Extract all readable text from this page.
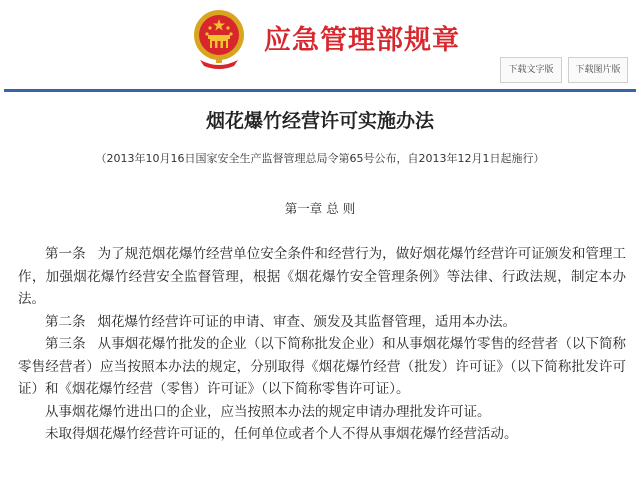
应急管理部规章
下载文字版	下载图片版
烟花爆竹经营许可实施办法
（2013年10月16日国家安全生产监督管理总局令第65号公布，自2013年12月1日起施行）
第一章 总 则

第一条 为了规范烟花爆竹经营单位安全条件和经营行为，做好烟花爆竹经营许可证颁发和管理工作，加强烟花爆竹经营安全监督管理，根据《烟花爆竹安全管理条例》等法律、行政法规，制定本办法。

第二条 烟花爆竹经营许可证的申请、审查、颁发及其监督管理，适用本办法。

第三条 从事烟花爆竹批发的企业（以下简称批发企业）和从事烟花爆竹零售的经营者（以下简称零售经营者）应当按照本办法的规定，分别取得《烟花爆竹经营（批发）许可证》（以下简称批发许可证）和《烟花爆竹经营（零售）许可证》（以下简称零售许可证）。

从事烟花爆竹进出口的企业，应当按照本办法的规定申请办理批发许可证。

未取得烟花爆竹经营许可证的，任何单位或者个人不得从事烟花爆竹经营活动。
